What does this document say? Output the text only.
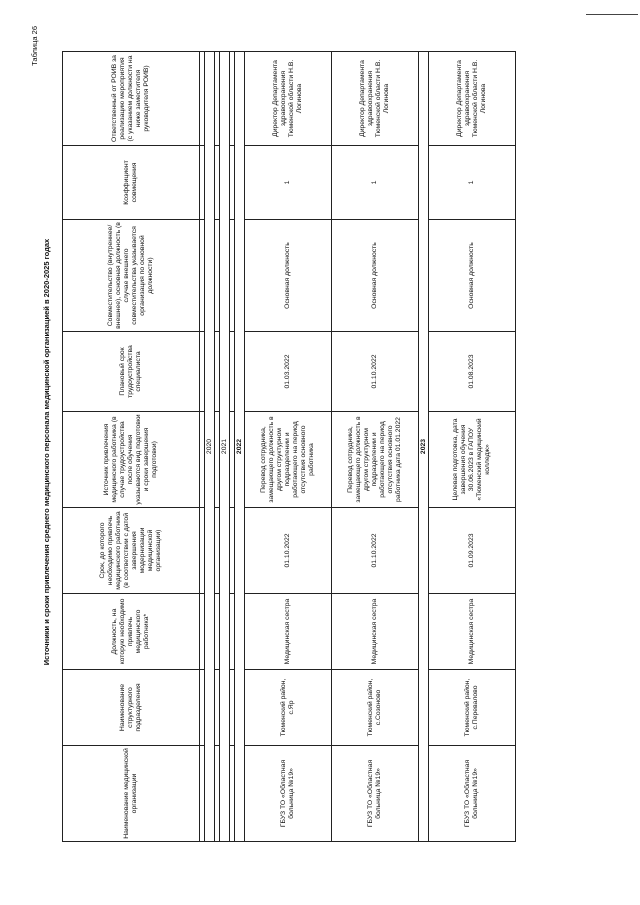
Таблица 26
Источники и сроки привлечения среднего медицинского персонала медицинской организацией в 2020-2025 годах
Наименование медицинской организации	Наименование структурного подразделения	Должность, на которую необходимо привлечь медицинского работника*	Срок, до которого необходимо привлечь медицинского работника (в соответствии с датой завершения модернизации медицинской организации)	Источник привлечения медицинского работника (в случае трудоустройства после обучения указываются вид подготовки и сроки завершения подготовки)	Плановый срок трудоустройства специалиста	Совместительство (внутреннее/внешнее), основная должность (в случае внешнего совместительства указывается организация по основной должности)	Коэффициент совмещения	Ответственный от РОИВ за реализацию мероприятия (с указанием должности на ниже заместителя руководителя РОИВ)

2020								

2021								

2022								
ГБУЗ ТО «Областная больница №19»	Тюменский район, с.Яр	Медицинская сестра	01.10.2022	Перевод сотрудника, замещающего должность в другом структурном подразделении и работающего на период отсутствия основного работника	01.03.2022	Основная должность	1	Директор Департамента здравоохранения Тюменской области Н.В. Логинова
ГБУЗ ТО «Областная больница №19»	Тюменский район, с.Созоново	Медицинская сестра	01.10.2022	Перевод сотрудника, замещающего должность в другом структурном подразделении и работающего на период отсутствия основного работника дата 01.01.2022	01.10.2022	Основная должность	1	Директор Департамента здравоохранения Тюменской области Н.В. Логинова
2023								
ГБУЗ ТО «Областная больница №19»	Тюменский район, с.Перевалово	Медицинская сестра	01.09.2023	Целевая подготовка, дата завершения обучения 30.06.2023 в ГАПОУ «Тюменский медицинский колледж»	01.08.2023	Основная должность	1	Директор Департамента здравоохранения Тюменской области Н.В. Логинова
